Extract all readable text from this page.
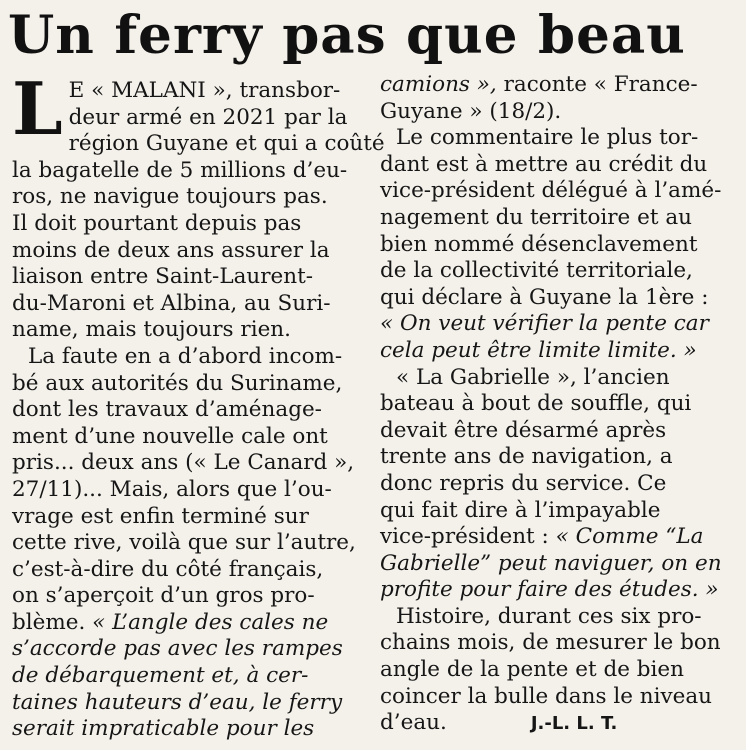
Un ferry pas que beau
L E « MALANI », transbor-
deur armé en 2021 par la
région Guyane et qui a coûté
la bagatelle de 5 millions d’eu-
ros, ne navigue toujours pas.
Il doit pourtant depuis pas
moins de deux ans assurer la
liaison entre Saint-Laurent-
du-Maroni et Albina, au Suri-
name, mais toujours rien.
La faute en a d’abord incom-
bé aux autorités du Suriname,
dont les travaux d’aménage-
ment d’une nouvelle cale ont
pris... deux ans (« Le Canard »,
27/11)... Mais, alors que l’ou-
vrage est enfin terminé sur
cette rive, voilà que sur l’autre,
c’est-à-dire du côté français,
on s’aperçoit d’un gros pro-
blème. « L’angle des cales ne
s’accorde pas avec les rampes
de débarquement et, à cer-
taines hauteurs d’eau, le ferry
serait impraticable pour les
camions », raconte « France-
Guyane » (18/2).
Le commentaire le plus tor-
dant est à mettre au crédit du
vice-président délégué à l’amé-
nagement du territoire et au
bien nommé désenclavement
de la collectivité territoriale,
qui déclare à Guyane la 1ère :
« On veut vérifier la pente car
cela peut être limite limite. »
« La Gabrielle », l’ancien
bateau à bout de souffle, qui
devait être désarmé après
trente ans de navigation, a
donc repris du service. Ce
qui fait dire à l’impayable
vice-président : « Comme “La
Gabrielle” peut naviguer, on en
profite pour faire des études. »
Histoire, durant ces six pro-
chains mois, de mesurer le bon
angle de la pente et de bien
coincer la bulle dans le niveau
d’eau.	J.-L. L. T.
